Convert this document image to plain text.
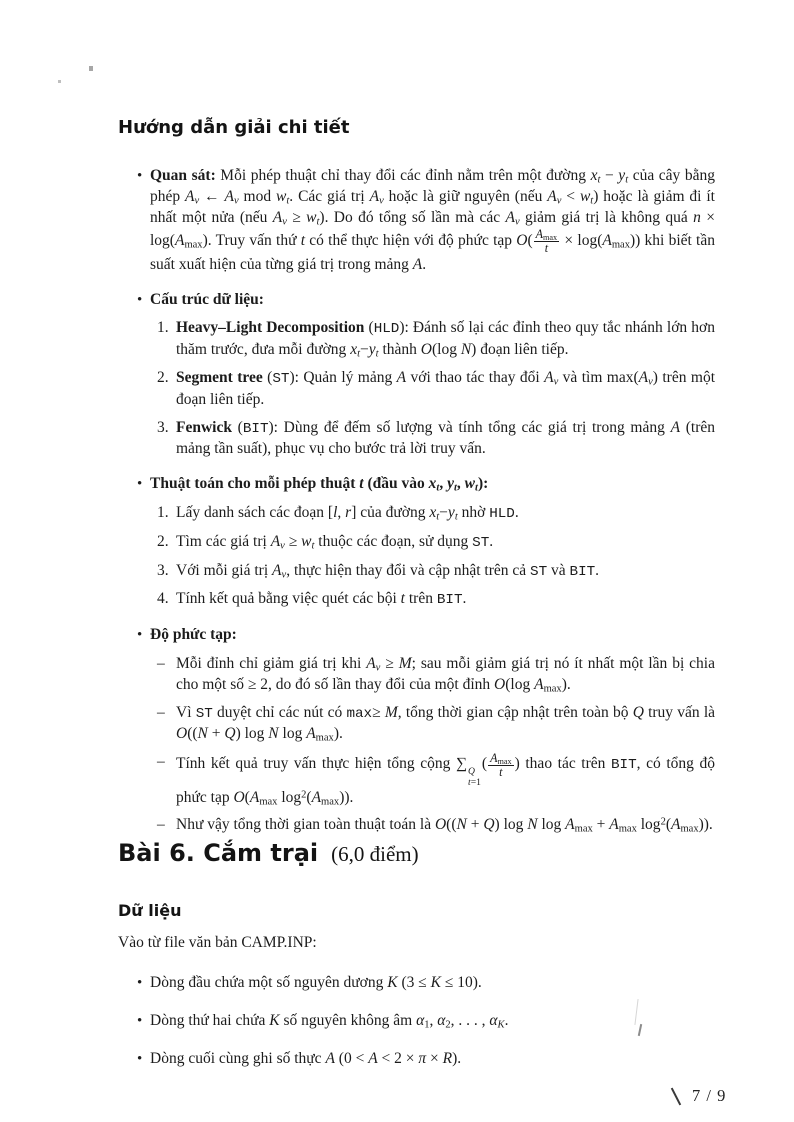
Hướng dẫn giải chi tiết
• Quan sát: Mỗi phép thuật chỉ thay đổi các đỉnh nằm trên một đường $x_t - y_t$ của cây bằng phép $A_v$ ← $A_v$ mod $w_t$. Các giá trị $A_v$ hoặc là giữ nguyên (nếu $A_v < w_t$) hoặc là giảm đi ít nhất một nửa (nếu $A_v \ge w_t$). Do đó tổng số lần mà các $A_v$ giảm giá trị là không quá $n \times \log(A_{max})$. Truy vấn thứ t có thể thực hiện với độ phức tạp $O( \frac{A_{max}}{t} \times \log(A_{max}))$ khi biết tần suất xuất hiện của từng giá trị trong mảng A.
• Cấu trúc dữ liệu:
1. Heavy–Light Decomposition (HLD): Đánh số lại các đỉnh theo quy tắc nhánh lớn hơn thăm trước, đưa mỗi đường $x_t-y_t$ thành O(log N) đoạn liên tiếp.
2. Segment tree (ST): Quản lý mảng A với thao tác thay đổi $A_v$ và tìm $\max(A_v)$ trên một đoạn liên tiếp.
3. Fenwick (BIT): Dùng để đếm số lượng và tính tổng các giá trị trong mảng A (trên mảng tần suất), phục vụ cho bước trả lời truy vấn.
• Thuật toán cho mỗi phép thuật t (đầu vào $x_t$, $y_t$, $w_t$):
1. Lấy danh sách các đoạn [l, r] của đường $x_t-y_t$ nhờ HLD.
2. Tìm các giá trị $A_v \ge w_t$ thuộc các đoạn, sử dụng ST.
3. Với mỗi giá trị $A_v$, thực hiện thay đổi và cập nhật trên cả ST và BIT.
4. Tính kết quả bằng việc quét các bội t trên BIT.
• Độ phức tạp:
– Mỗi đỉnh chỉ giảm giá trị khi $A_v \ge M$; sau mỗi giảm giá trị nó ít nhất một lần bị chia cho một số ≥ 2, do đó số lần thay đổi của một đỉnh O(log $A_{max}$).
– Vì ST duyệt chỉ các nút có max≥ M, tổng thời gian cập nhật trên toàn bộ Q truy vấn là O((N + Q) log N $\log A_{max}$).
– Tính kết quả truy vấn thực hiện tổng cộng ∑ Q
t=1
( $\frac{A_{max}}{t}$ ) thao tác trên BIT, có tổng độ phức tạp $O(A_{max}$ $\log^2(A_{max})$).
– Như vậy tổng thời gian toàn thuật toán là O((N + Q) log N $\log A_{max} + A_{max}$ $\log^2(A_{max})$).
Bài 6. Cắm trại (6,0 điểm)
Dữ liệu

Vào từ file văn bản CAMP.INP:

• Dòng đầu chứa một số nguyên dương K (3 ≤ K ≤ 10).
• Dòng thứ hai chứa K số nguyên không âm $\alpha_1$, $\alpha_2$, . . . , $\alpha_K$.
• Dòng cuối cùng ghi số thực A (0 < A < 2 × π × R).
7 / 9
